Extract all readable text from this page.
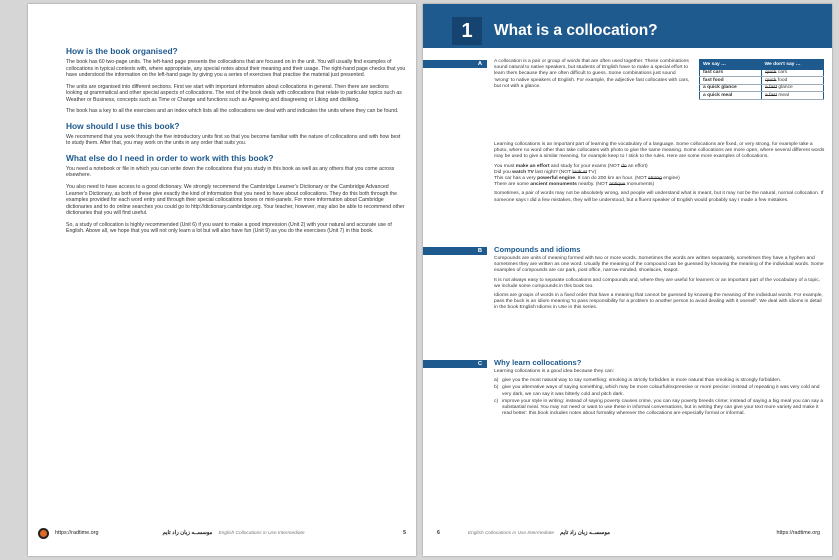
How is the book organised?

The book has 60 two-page units. The left-hand page presents the collocations that are focused on in the unit. You will usually find examples of collocations in typical contexts with, where appropriate, any special notes about their meaning and their usage. The right-hand page checks that you have understood the information on the left-hand page by giving you a series of exercises that practise the material just presented.

The units are organised into different sections. First we start with important information about collocations in general. Then there are sections looking at grammatical and other special aspects of collocations. The rest of the book deals with collocations that relate to particular topics such as Weather or Business, concepts such as Time or Change and functions such as Agreeing and disagreeing or Liking and disliking.

The book has a key to all the exercises and an index which lists all the collocations we deal with and indicates the units where they can be found.

How should I use this book?

We recommend that you work through the five introductory units first so that you become familiar with the nature of collocations and with how best to study them. After that, you may work on the units in any order that suits you.

What else do I need in order to work with this book?

You need a notebook or file in which you can write down the collocations that you study in this book as well as any others that you come across elsewhere.

You also need to have access to a good dictionary. We strongly recommend the Cambridge Learner's Dictionary or the Cambridge Advanced Learner's Dictionary, as both of these give exactly the kind of information that you need to have about collocations. They do this both through the examples provided for each word entry and through their special collocations boxes or mini-panels. For more information about Cambridge dictionaries and to do online searches you could go to http://dictionary.cambridge.org. Your teacher, however, may also be able to recommend other dictionaries that you will find useful.

So, a study of collocation is highly recommended (Unit 6) if you want to make a good impression (Unit 2) with your natural and accurate use of English. Above all, we hope that you will not only learn a lot but will also have fun (Unit 9) as you do the exercises (Unit 7) in this book.

https://radtime.org	موسســه زبان راد تایم English Collocations in Use Intermediate	5
1	What is a collocation?
A	A collocation is a pair or group of words that are often used together. These combinations sound natural to native speakers, but students of English have to make a special effort to learn them because they are often difficult to guess. Some combinations just sound 'wrong' to native speakers of English. For example, the adjective fast collocates with cars, but not with a glance.

We say …	We don't say …
fast cars	quick cars
fast food	quick food
a quick glance	a fast glance
a quick meal	a fast meal

Learning collocations is an important part of learning the vocabulary of a language. Some collocations are fixed, or very strong, for example take a photo, where no word other than take collocates with photo to give the same meaning. Some collocations are more open, where several different words may be used to give a similar meaning, for example keep to / stick to the rules. Here are some more examples of collocations.

You must make an effort and study for your exams (NOT do an effort)
Did you watch TV last night? (NOT look at TV)
This car has a very powerful engine. It can do 200 km an hour. (NOT strong engine)
There are some ancient monuments nearby. (NOT antique monuments)

Sometimes, a pair of words may not be absolutely wrong, and people will understand what is meant, but it may not be the natural, normal collocation. If someone says I did a few mistakes, they will be understood, but a fluent speaker of English would probably say I made a few mistakes.

B	Compounds and idioms

Compounds are units of meaning formed with two or more words. Sometimes the words are written separately, sometimes they have a hyphen and sometimes they are written as one word. Usually the meaning of the compound can be guessed by knowing the meaning of the individual words. Some examples of compounds are car park, post office, narrow-minded, shoelaces, teapot.

It is not always easy to separate collocations and compounds and, where they are useful for learners or an important part of the vocabulary of a topic, we include some compounds in this book too.

Idioms are groups of words in a fixed order that have a meaning that cannot be guessed by knowing the meaning of the individual words. For example, pass the buck is an idiom meaning 'to pass responsibility for a problem to another person to avoid dealing with it oneself'. We deal with idioms in detail in the book English Idioms in Use in this series.

C	Why learn collocations?

Learning collocations is a good idea because they can:

a) give you the most natural way to say something: smoking is strictly forbidden is more natural than smoking is strongly forbidden.
b) give you alternative ways of saying something, which may be more colourful/expressive or more precise: instead of repeating it was very cold and very dark, we can say it was bitterly cold and pitch dark.
c) improve your style in writing: instead of saying poverty causes crime, you can say poverty breeds crime; instead of saying a big meal you can say a substantial meal. You may not need or want to use these in informal conversations, but in writing they can give your text more variety and make it read better: this book includes notes about formality wherever the collocations are especially formal or informal.
6	English Collocations in Use Intermediate موسســه زبان راد تایم	https://radtime.org
